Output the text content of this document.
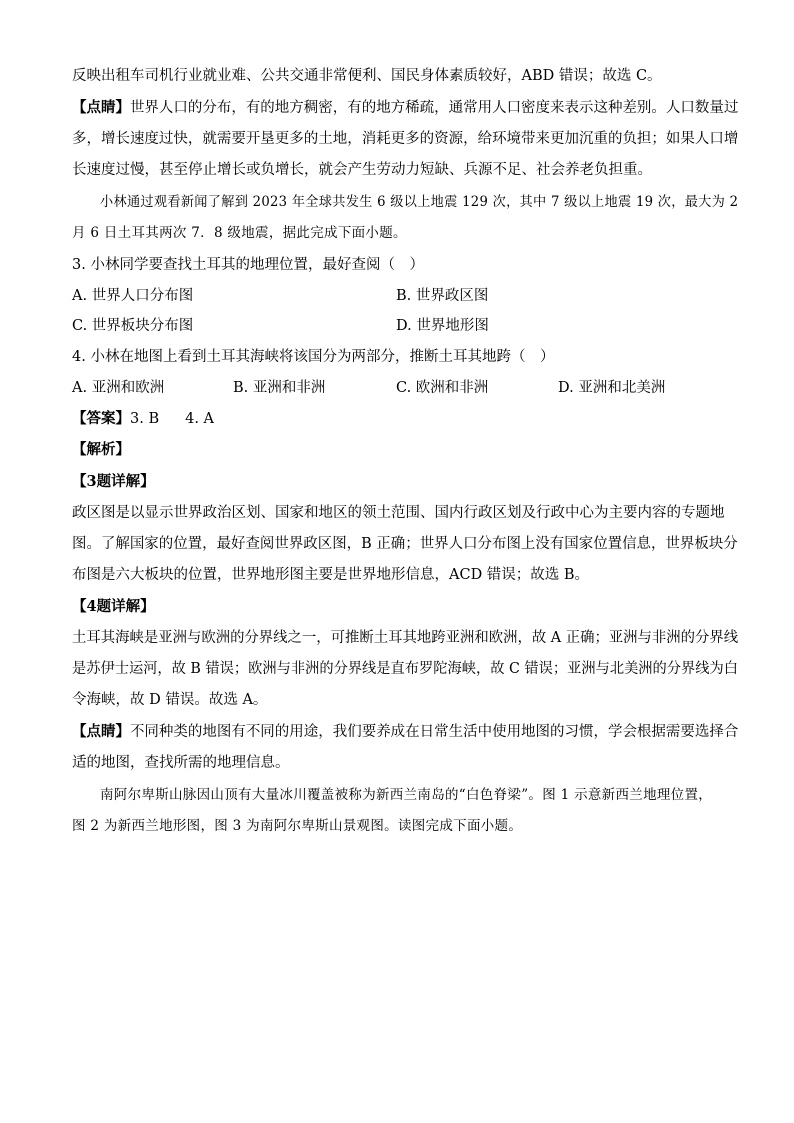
反映出租车司机行业就业难、公共交通非常便利、国民身体素质较好，ABD 错误；故选 C。
【点睛】世界人口的分布，有的地方稠密，有的地方稀疏，通常用人口密度来表示这种差别。人口数量过
多，增长速度过快，就需要开垦更多的土地，消耗更多的资源，给环境带来更加沉重的负担；如果人口增
长速度过慢，甚至停止增长或负增长，就会产生劳动力短缺、兵源不足、社会养老负担重。
小林通过观看新闻了解到 2023 年全球共发生 6 级以上地震 129 次，其中 7 级以上地震 19 次，最大为 2
月 6 日土耳其两次 7．8 级地震，据此完成下面小题。
3. 小林同学要查找土耳其的地理位置，最好查阅（　）
A. 世界人口分布图	B. 世界政区图
C. 世界板块分布图	D. 世界地形图
4. 小林在地图上看到土耳其海峡将该国分为两部分，推断土耳其地跨（　）
A. 亚洲和欧洲	B. 亚洲和非洲	C. 欧洲和非洲	D. 亚洲和北美洲
【答案】3. B 4. A
【解析】
【3题详解】
政区图是以显示世界政治区划、国家和地区的领土范围、国内行政区划及行政中心为主要内容的专题地
图。了解国家的位置，最好查阅世界政区图，B 正确；世界人口分布图上没有国家位置信息，世界板块分
布图是六大板块的位置，世界地形图主要是世界地形信息，ACD 错误；故选 B。
【4题详解】
土耳其海峡是亚洲与欧洲的分界线之一，可推断土耳其地跨亚洲和欧洲，故 A 正确；亚洲与非洲的分界线
是苏伊士运河，故 B 错误；欧洲与非洲的分界线是直布罗陀海峡，故 C 错误；亚洲与北美洲的分界线为白
令海峡，故 D 错误。故选 A。
【点睛】不同种类的地图有不同的用途，我们要养成在日常生活中使用地图的习惯，学会根据需要选择合
适的地图，查找所需的地理信息。
南阿尔卑斯山脉因山顶有大量冰川覆盖被称为新西兰南岛的“白色脊梁”。图 1 示意新西兰地理位置，
图 2 为新西兰地形图，图 3 为南阿尔卑斯山景观图。读图完成下面小题。
